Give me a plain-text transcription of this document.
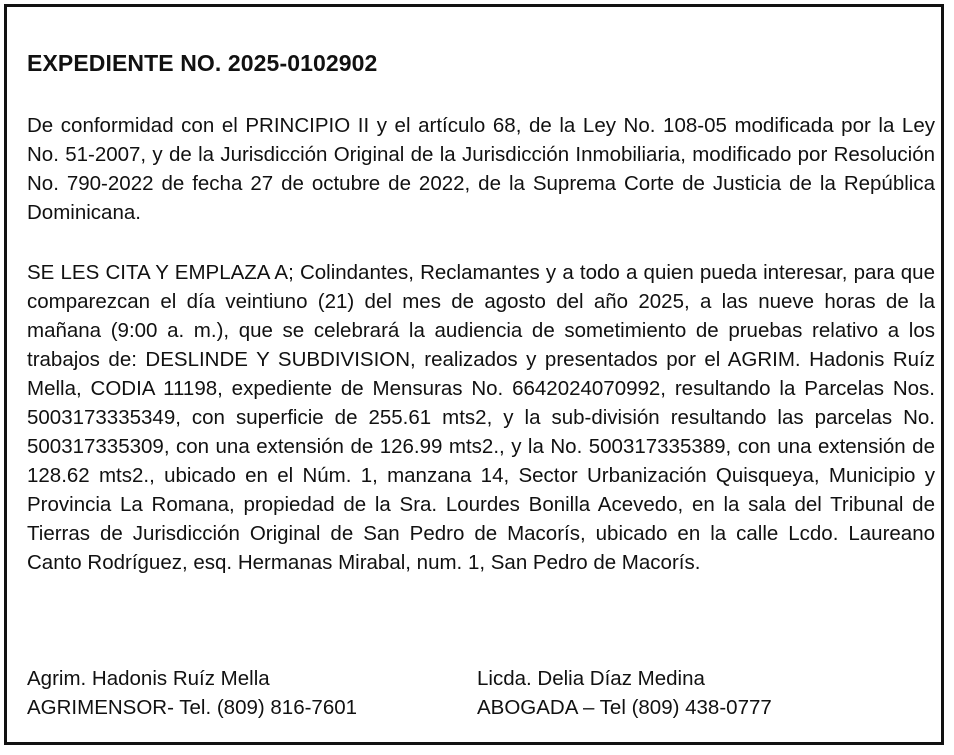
EXPEDIENTE NO. 2025-0102902

De conformidad con el PRINCIPIO II y el artículo 68, de la Ley No. 108-05 modificada por la Ley No. 51-2007, y de la Jurisdicción Original de la Jurisdicción Inmobiliaria, modificado por Resolución No. 790-2022 de fecha 27 de octubre de 2022, de la Suprema Corte de Justicia de la República Dominicana.

SE LES CITA Y EMPLAZA A; Colindantes, Reclamantes y a todo a quien pueda interesar, para que comparezcan el día veintiuno (21) del mes de agosto del año 2025, a las nueve horas de la mañana (9:00 a. m.), que se celebrará la audiencia de sometimiento de pruebas relativo a los trabajos de: DESLINDE Y SUBDIVISION, realizados y presentados por el AGRIM. Hadonis Ruíz Mella, CODIA 11198, expediente de Mensuras No. 6642024070992, resultando la Parcelas Nos. 5003173335349, con superficie de 255.61 mts2, y la sub-división resultando las parcelas No. 500317335309, con una extensión de 126.99 mts2., y la No. 500317335389, con una extensión de 128.62 mts2., ubicado en el Núm. 1, manzana 14, Sector Urbanización Quisqueya, Municipio y Provincia La Romana, propiedad de la Sra. Lourdes Bonilla Acevedo, en la sala del Tribunal de Tierras de Jurisdicción Original de San Pedro de Macorís, ubicado en la calle Lcdo. Laureano Canto Rodríguez, esq. Hermanas Mirabal, num. 1, San Pedro de Macorís.

Agrim. Hadonis Ruíz Mella
AGRIMENSOR- Tel. (809) 816-7601
Licda. Delia Díaz Medina
ABOGADA – Tel (809) 438-0777
